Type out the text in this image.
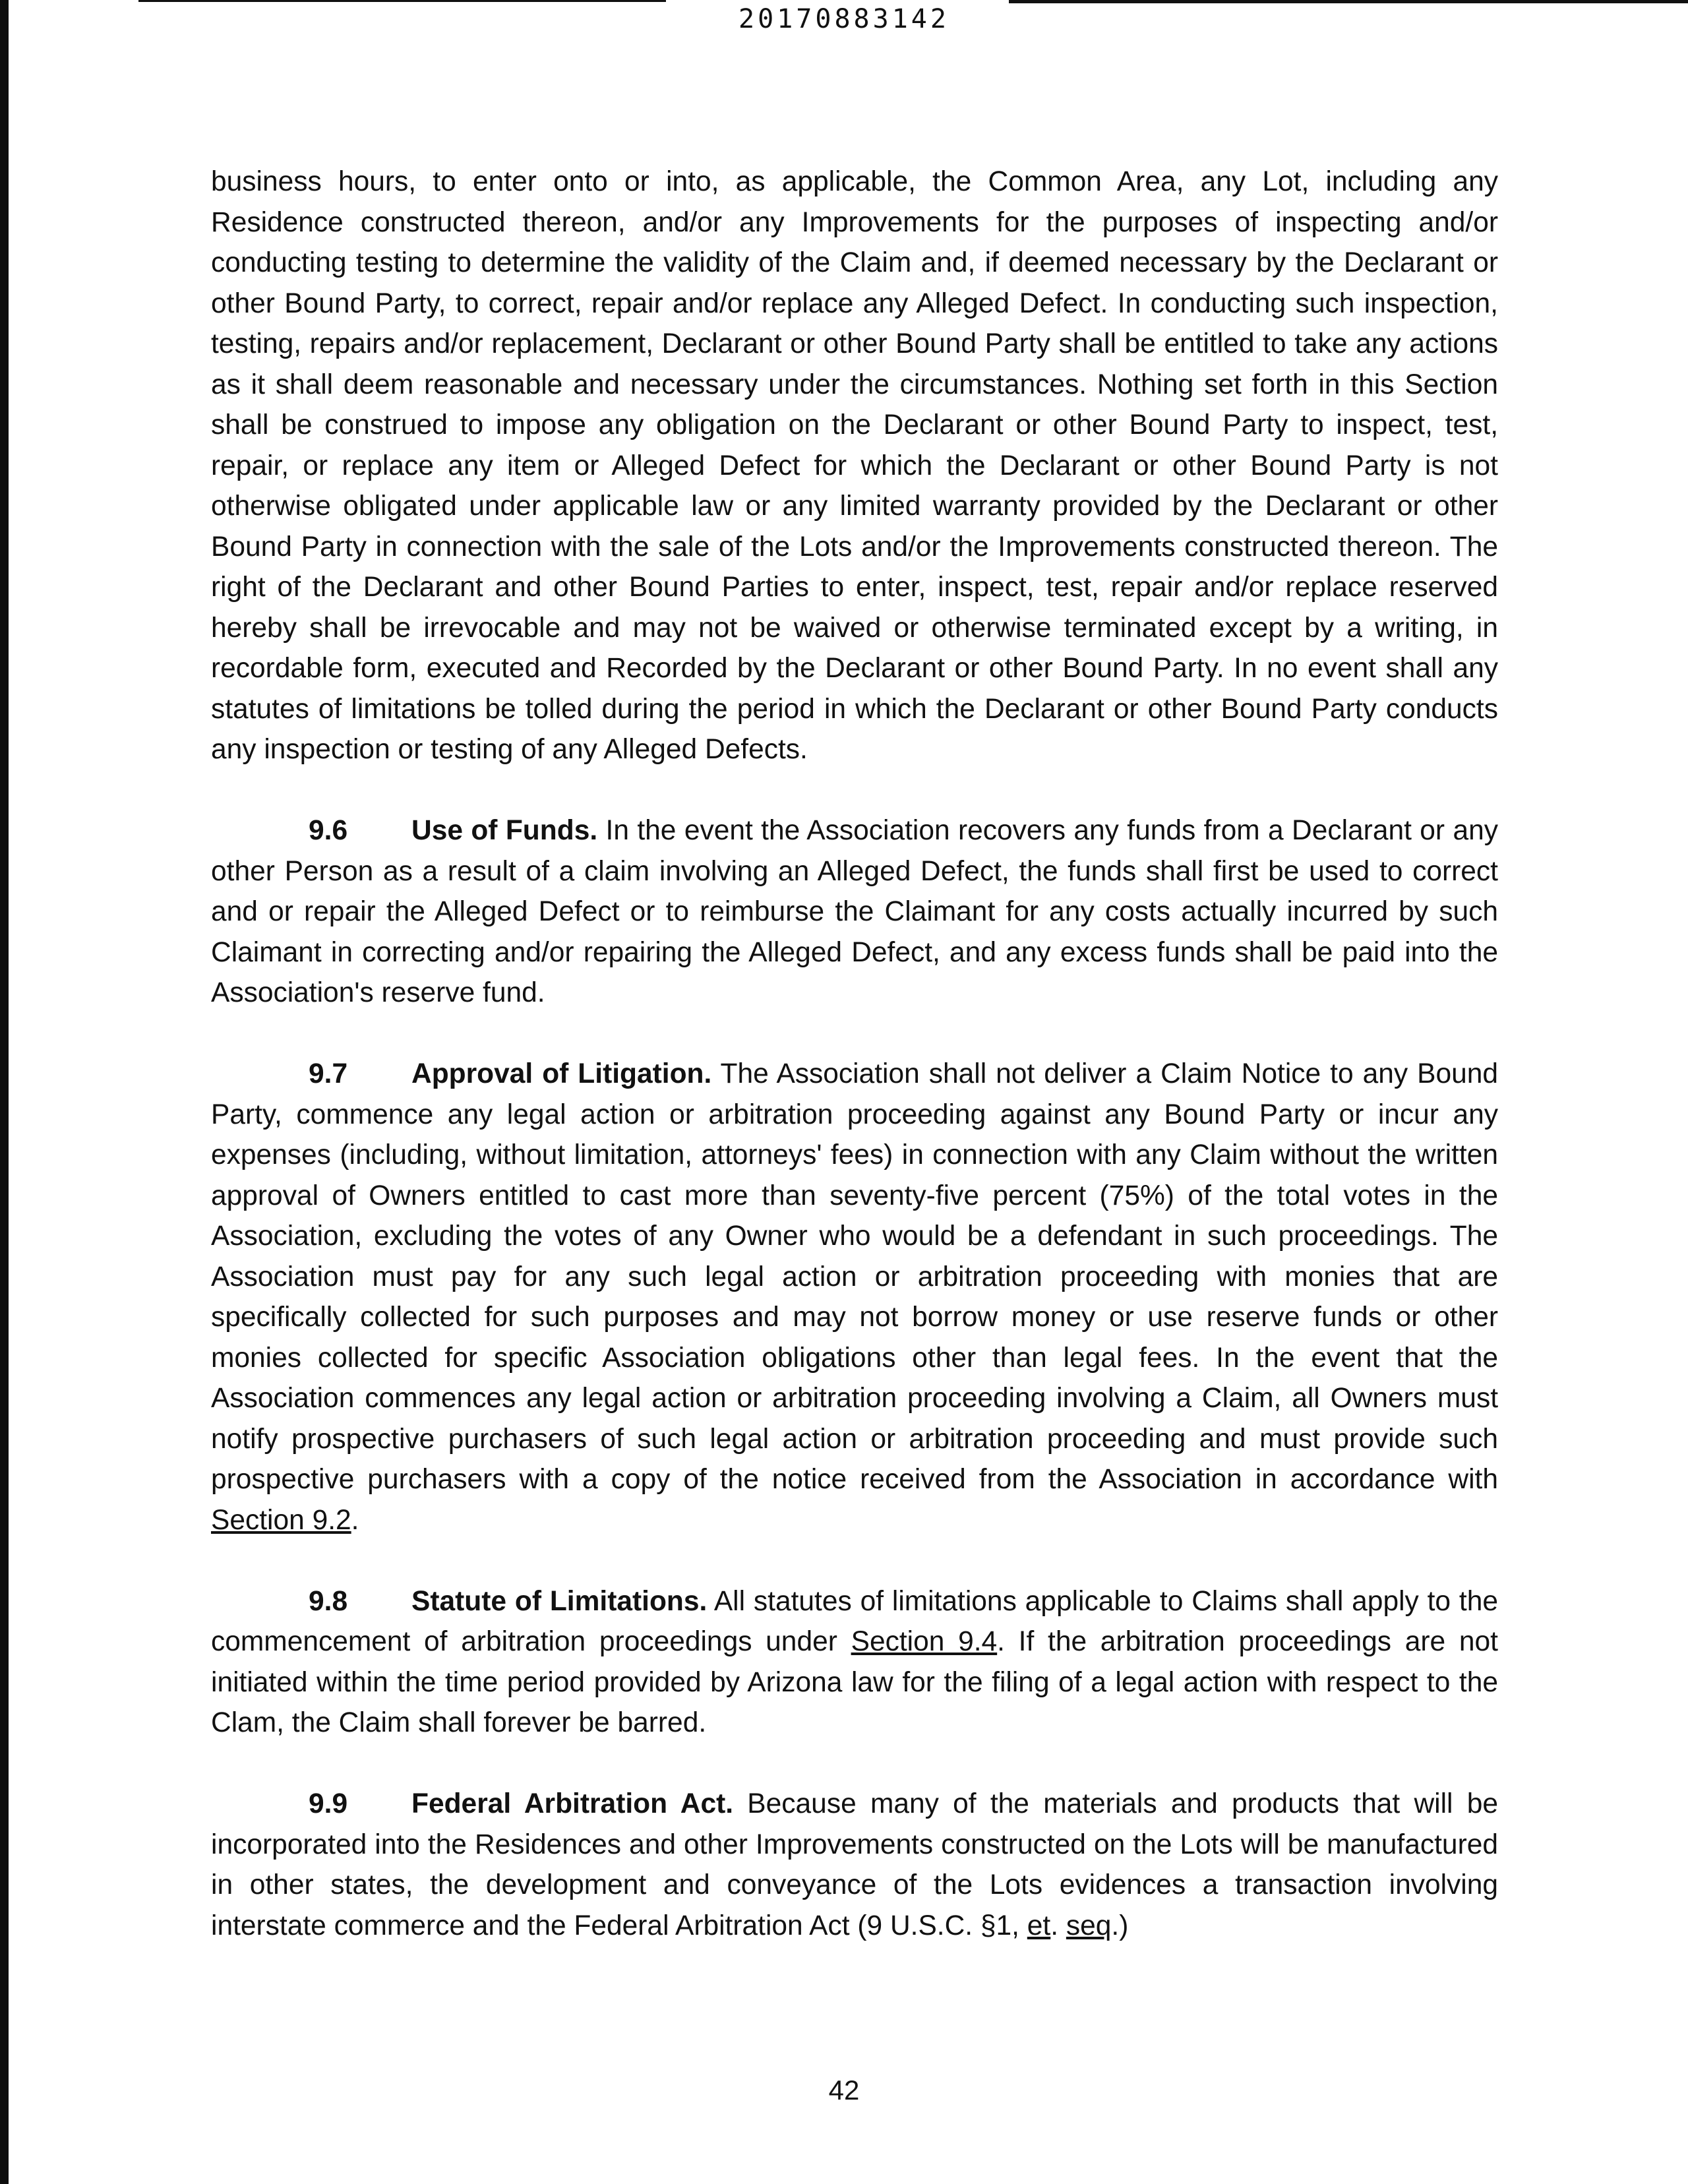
20170883142

business hours, to enter onto or into, as applicable, the Common Area, any Lot, including any Residence constructed thereon, and/or any Improvements for the purposes of inspecting and/or conducting testing to determine the validity of the Claim and, if deemed necessary by the Declarant or other Bound Party, to correct, repair and/or replace any Alleged Defect. In conducting such inspection, testing, repairs and/or replacement, Declarant or other Bound Party shall be entitled to take any actions as it shall deem reasonable and necessary under the circumstances. Nothing set forth in this Section shall be construed to impose any obligation on the Declarant or other Bound Party to inspect, test, repair, or replace any item or Alleged Defect for which the Declarant or other Bound Party is not otherwise obligated under applicable law or any limited warranty provided by the Declarant or other Bound Party in connection with the sale of the Lots and/or the Improvements constructed thereon. The right of the Declarant and other Bound Parties to enter, inspect, test, repair and/or replace reserved hereby shall be irrevocable and may not be waived or otherwise terminated except by a writing, in recordable form, executed and Recorded by the Declarant or other Bound Party. In no event shall any statutes of limitations be tolled during the period in which the Declarant or other Bound Party conducts any inspection or testing of any Alleged Defects.

9.6 Use of Funds. In the event the Association recovers any funds from a Declarant or any other Person as a result of a claim involving an Alleged Defect, the funds shall first be used to correct and or repair the Alleged Defect or to reimburse the Claimant for any costs actually incurred by such Claimant in correcting and/or repairing the Alleged Defect, and any excess funds shall be paid into the Association's reserve fund.

9.7 Approval of Litigation. The Association shall not deliver a Claim Notice to any Bound Party, commence any legal action or arbitration proceeding against any Bound Party or incur any expenses (including, without limitation, attorneys' fees) in connection with any Claim without the written approval of Owners entitled to cast more than seventy-five percent (75%) of the total votes in the Association, excluding the votes of any Owner who would be a defendant in such proceedings. The Association must pay for any such legal action or arbitration proceeding with monies that are specifically collected for such purposes and may not borrow money or use reserve funds or other monies collected for specific Association obligations other than legal fees. In the event that the Association commences any legal action or arbitration proceeding involving a Claim, all Owners must notify prospective purchasers of such legal action or arbitration proceeding and must provide such prospective purchasers with a copy of the notice received from the Association in accordance with Section 9.2.

9.8 Statute of Limitations. All statutes of limitations applicable to Claims shall apply to the commencement of arbitration proceedings under Section 9.4. If the arbitration proceedings are not initiated within the time period provided by Arizona law for the filing of a legal action with respect to the Clam, the Claim shall forever be barred.

9.9 Federal Arbitration Act. Because many of the materials and products that will be incorporated into the Residences and other Improvements constructed on the Lots will be manufactured in other states, the development and conveyance of the Lots evidences a transaction involving interstate commerce and the Federal Arbitration Act (9 U.S.C. §1, et. seq.)

42
